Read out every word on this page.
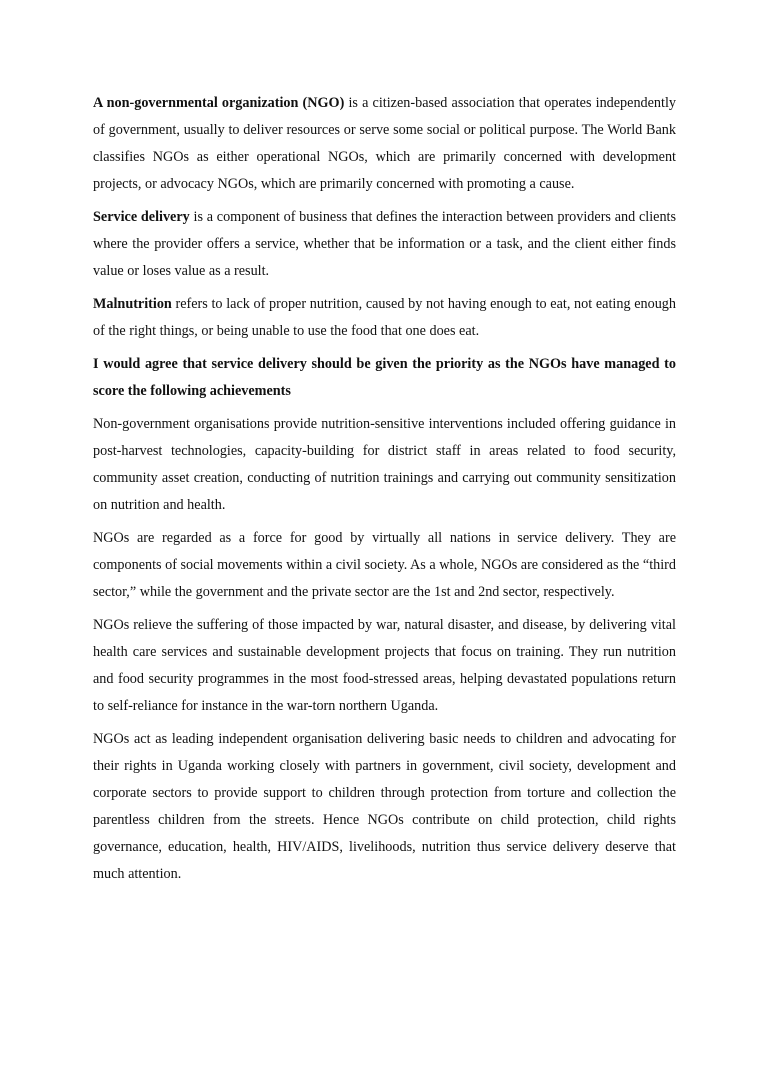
A non-governmental organization (NGO) is a citizen-based association that operates independently of government, usually to deliver resources or serve some social or political purpose. The World Bank classifies NGOs as either operational NGOs, which are primarily concerned with development projects, or advocacy NGOs, which are primarily concerned with promoting a cause.

Service delivery is a component of business that defines the interaction between providers and clients where the provider offers a service, whether that be information or a task, and the client either finds value or loses value as a result.

Malnutrition refers to lack of proper nutrition, caused by not having enough to eat, not eating enough of the right things, or being unable to use the food that one does eat.

I would agree that service delivery should be given the priority as the NGOs have managed to score the following achievements

Non-government organisations provide nutrition-sensitive interventions included offering guidance in post-harvest technologies, capacity-building for district staff in areas related to food security, community asset creation, conducting of nutrition trainings and carrying out community sensitization on nutrition and health.

NGOs are regarded as a force for good by virtually all nations in service delivery. They are components of social movements within a civil society. As a whole, NGOs are considered as the “third sector,” while the government and the private sector are the 1st and 2nd sector, respectively.

NGOs relieve the suffering of those impacted by war, natural disaster, and disease, by delivering vital health care services and sustainable development projects that focus on training. They run nutrition and food security programmes in the most food-stressed areas, helping devastated populations return to self-reliance for instance in the war-torn northern Uganda.

NGOs act as leading independent organisation delivering basic needs to children and advocating for their rights in Uganda working closely with partners in government, civil society, development and corporate sectors to provide support to children through protection from torture and collection the parentless children from the streets. Hence NGOs contribute on child protection, child rights governance, education, health, HIV/AIDS, livelihoods, nutrition thus service delivery deserve that much attention.
